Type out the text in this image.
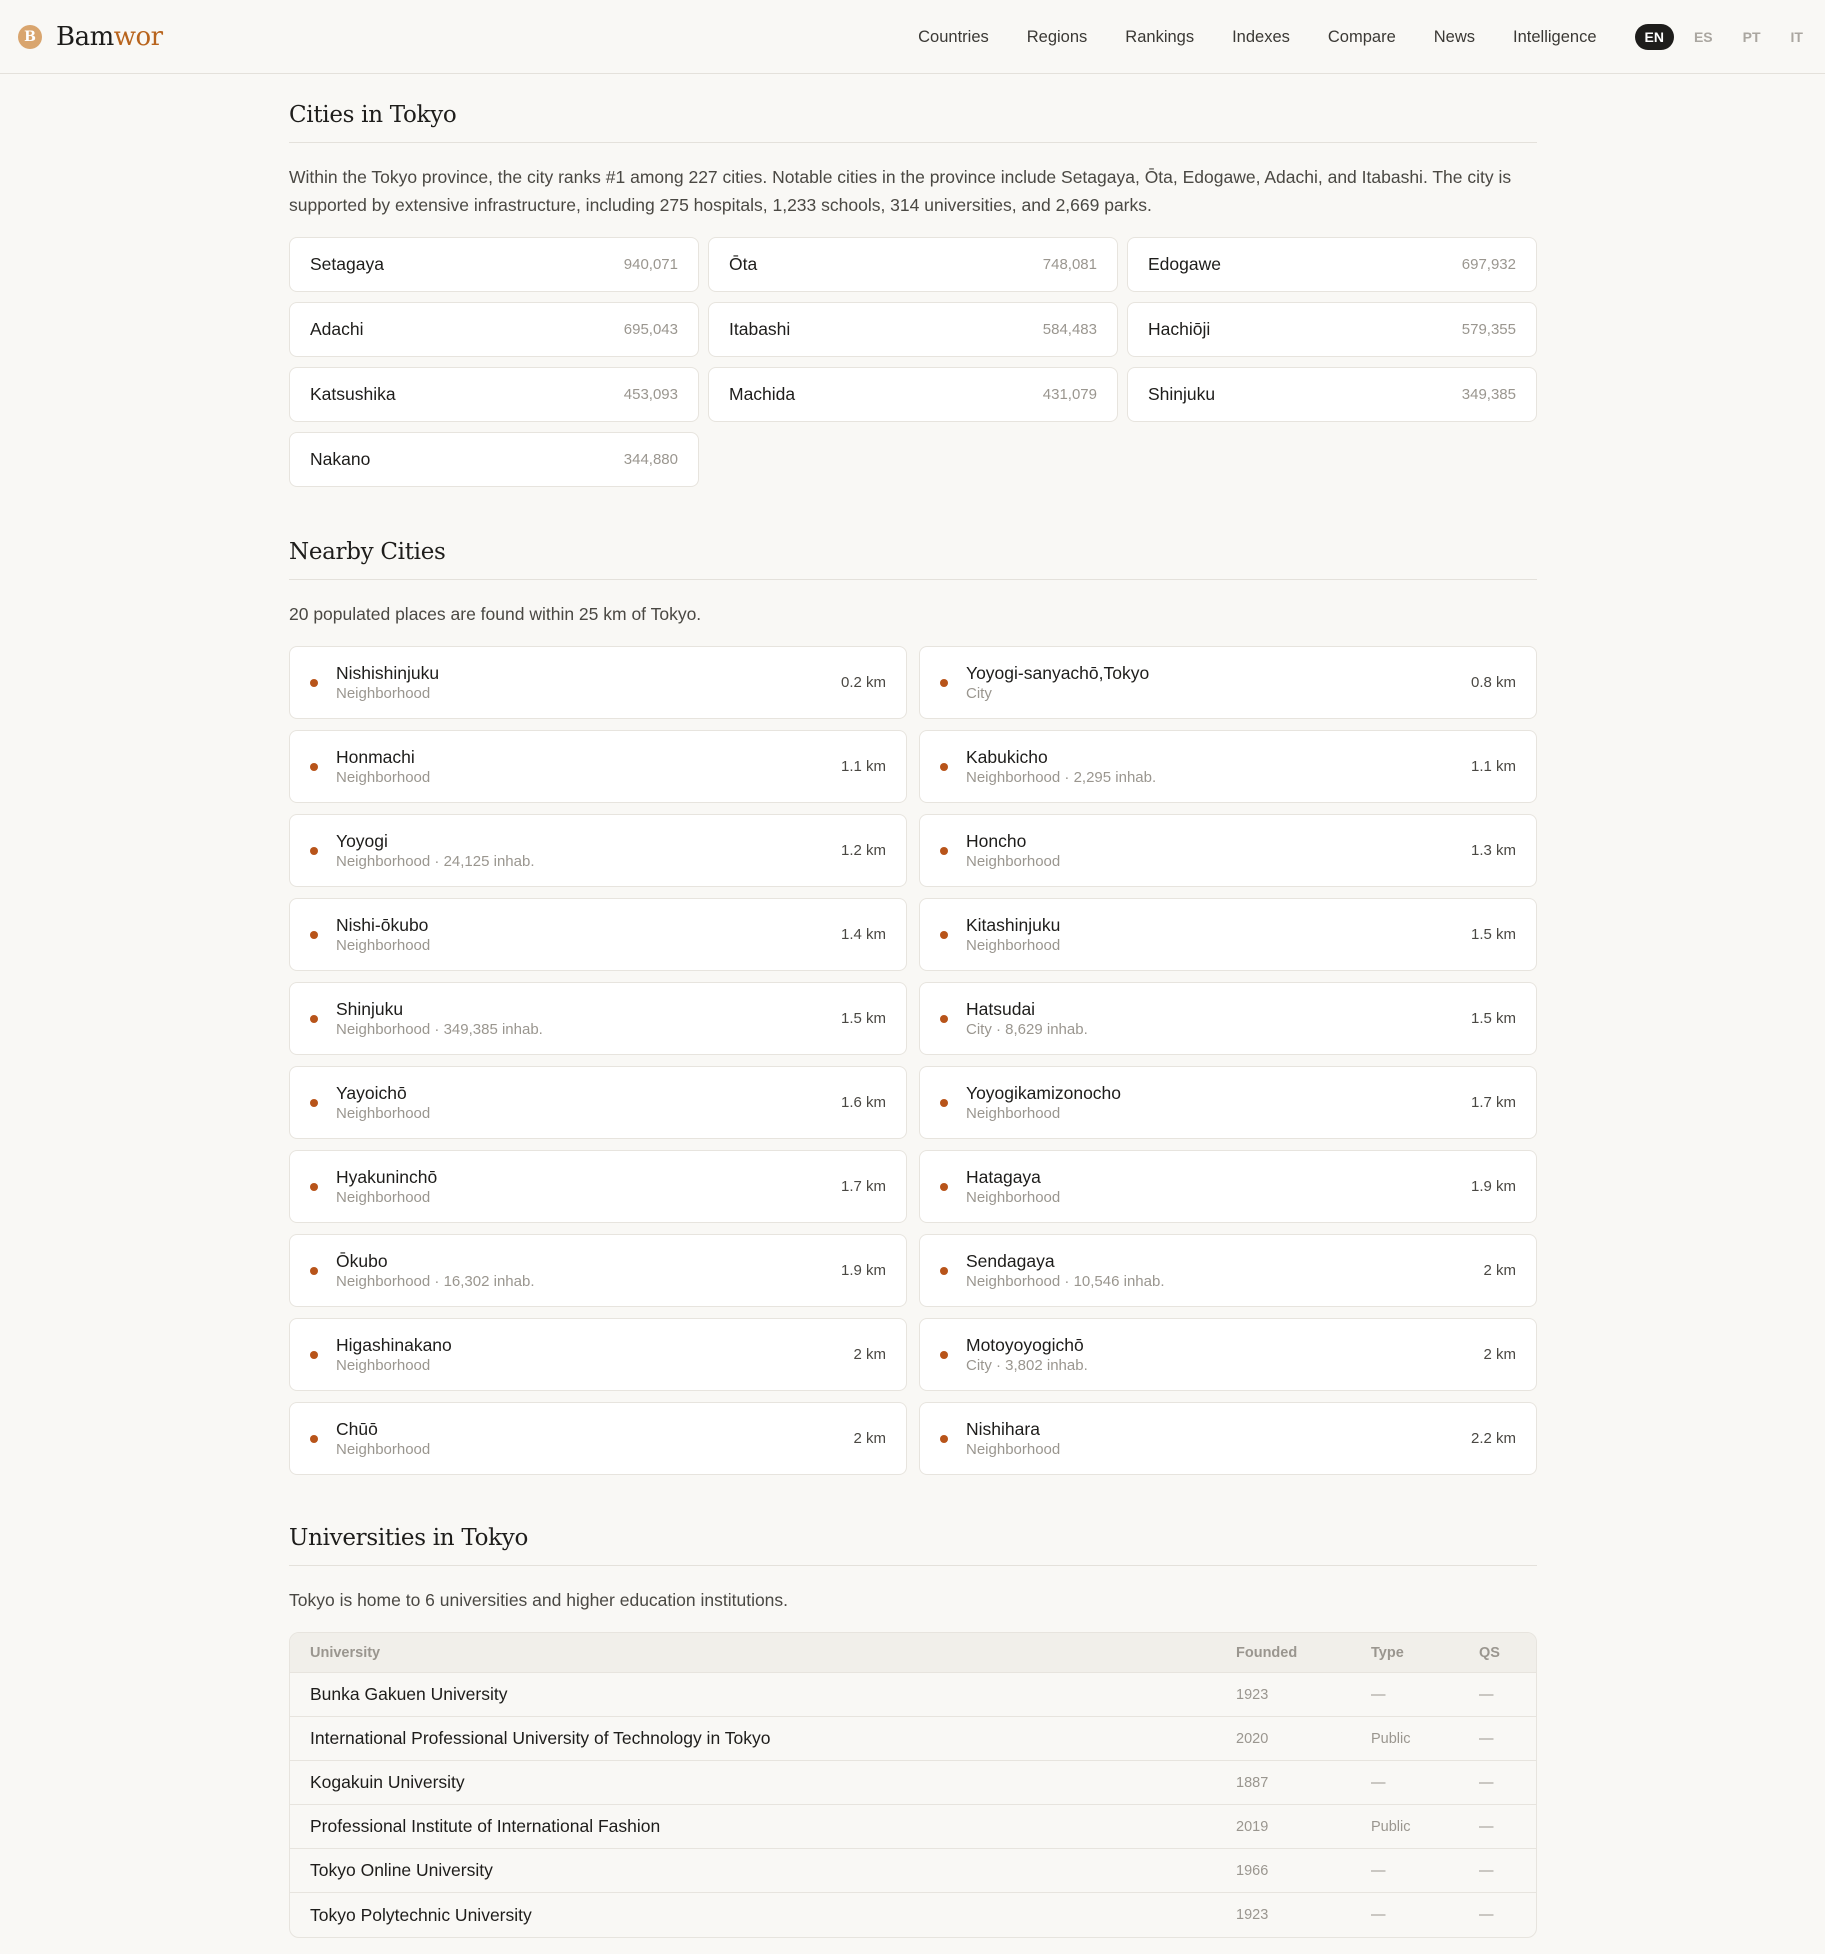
B Bamwor	Countries Regions Rankings Indexes Compare News Intelligence	EN	ES	PT	IT
Cities in Tokyo

Within the Tokyo province, the city ranks #1 among 227 cities. Notable cities in the province include Setagaya, Ōta, Edogawe, Adachi, and Itabashi. The city is supported by extensive infrastructure, including 275 hospitals, 1,233 schools, 314 universities, and 2,669 parks.

Setagaya	940,071	Ōta	748,081	Edogawe	697,932
Adachi	695,043	Itabashi	584,483	Hachiōji	579,355
Katsushika	453,093	Machida	431,079	Shinjuku	349,385
Nakano	344,880
Nearby Cities

20 populated places are found within 25 km of Tokyo.

Nishishinjuku
Neighborhood
0.2 km	Yoyogi-sanyachō,Tokyo
City
0.8 km
Honmachi
Neighborhood
1.1 km	Kabukicho
Neighborhood · 2,295 inhab.
1.1 km
Yoyogi
Neighborhood · 24,125 inhab.
1.2 km	Honcho
Neighborhood
1.3 km
Nishi-ōkubo
Neighborhood
1.4 km	Kitashinjuku
Neighborhood
1.5 km
Shinjuku
Neighborhood · 349,385 inhab.
1.5 km	Hatsudai
City · 8,629 inhab.
1.5 km
Yayoichō
Neighborhood
1.6 km	Yoyogikamizonocho
Neighborhood
1.7 km
Hyakuninchō
Neighborhood
1.7 km	Hatagaya
Neighborhood
1.9 km
Ōkubo
Neighborhood · 16,302 inhab.
1.9 km	Sendagaya
Neighborhood · 10,546 inhab.
2 km
Higashinakano
Neighborhood
2 km	Motoyoyogichō
City · 3,802 inhab.
2 km
Chūō
Neighborhood
2 km	Nishihara
Neighborhood
2.2 km
Universities in Tokyo

Tokyo is home to 6 universities and higher education institutions.

University	Founded	Type	QS
Bunka Gakuen University	1923	—	—
International Professional University of Technology in Tokyo	2020	Public	—
Kogakuin University	1887	—	—
Professional Institute of International Fashion	2019	Public	—
Tokyo Online University	1966	—	—
Tokyo Polytechnic University	1923	—	—
